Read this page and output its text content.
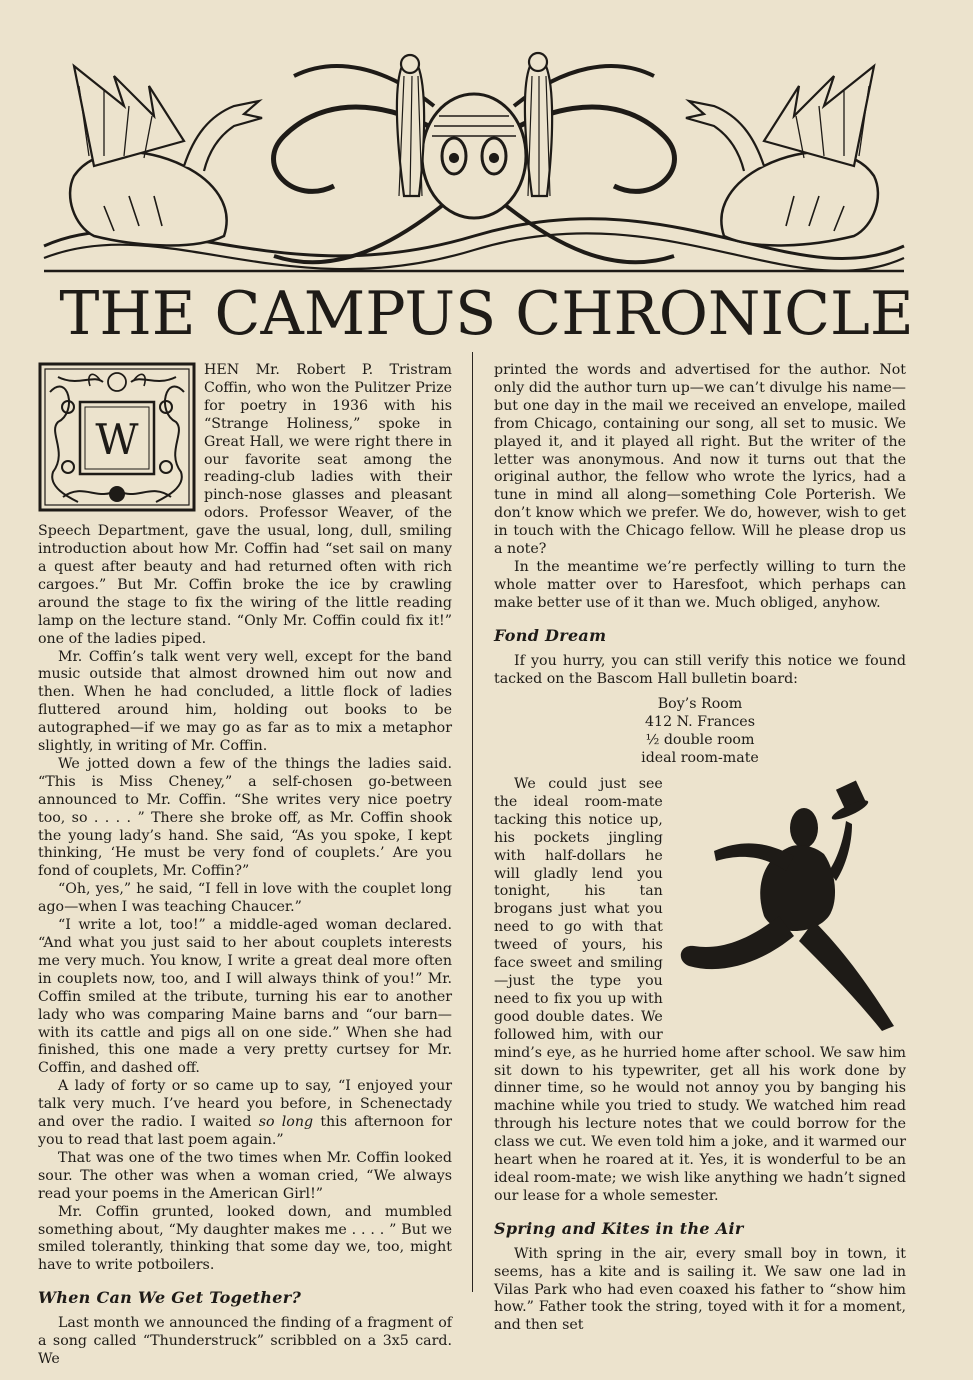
THE CAMPUS CHRONICLE
W

HEN Mr. Robert P. Tristram Coffin, who won the Pulitzer Prize for poetry in 1936 with his “Strange Holiness,” spoke in Great Hall, we were right there in our favorite seat among the reading-club ladies with their pinch-nose glasses and pleasant odors. Professor Weaver, of the Speech Department, gave the usual, long, dull, smiling introduction about how Mr. Coffin had “set sail on many a quest after beauty and had returned often with rich cargoes.” But Mr. Coffin broke the ice by crawling around the stage to fix the wiring of the little reading lamp on the lecture stand. “Only Mr. Coffin could fix it!” one of the ladies piped.

Mr. Coffin’s talk went very well, except for the band music outside that almost drowned him out now and then. When he had concluded, a little flock of ladies fluttered around him, holding out books to be autographed—if we may go as far as to mix a metaphor slightly, in writing of Mr. Coffin.

We jotted down a few of the things the ladies said. “This is Miss Cheney,” a self-chosen go-between announced to Mr. Coffin. “She writes very nice poetry too, so . . . . ” There she broke off, as Mr. Coffin shook the young lady’s hand. She said, “As you spoke, I kept thinking, ‘He must be very fond of couplets.’ Are you fond of couplets, Mr. Coffin?”

“Oh, yes,” he said, “I fell in love with the couplet long ago—when I was teaching Chaucer.”

“I write a lot, too!” a middle-aged woman declared. “And what you just said to her about couplets interests me very much. You know, I write a great deal more often in couplets now, too, and I will always think of you!” Mr. Coffin smiled at the tribute, turning his ear to another lady who was comparing Maine barns and “our barn—with its cattle and pigs all on one side.” When she had finished, this one made a very pretty curtsey for Mr. Coffin, and dashed off.

A lady of forty or so came up to say, “I enjoyed your talk very much. I’ve heard you before, in Schenectady and over the radio. I waited so long this afternoon for you to read that last poem again.”

That was one of the two times when Mr. Coffin looked sour. The other was when a woman cried, “We always read your poems in the American Girl!”

Mr. Coffin grunted, looked down, and mumbled something about, “My daughter makes me . . . . ” But we smiled tolerantly, thinking that some day we, too, might have to write potboilers.

When Can We Get Together?

Last month we announced the finding of a fragment of a song called “Thunderstruck” scribbled on a 3x5 card. We

printed the words and advertised for the author. Not only did the author turn up—we can’t divulge his name—but one day in the mail we received an envelope, mailed from Chicago, containing our song, all set to music. We played it, and it played all right. But the writer of the letter was anonymous. And now it turns out that the original author, the fellow who wrote the lyrics, had a tune in mind all along—something Cole Porterish. We don’t know which we prefer. We do, however, wish to get in touch with the Chicago fellow. Will he please drop us a note?

In the meantime we’re perfectly willing to turn the whole matter over to Haresfoot, which perhaps can make better use of it than we. Much obliged, anyhow.

Fond Dream

If you hurry, you can still verify this notice we found tacked on the Bascom Hall bulletin board:

Boy’s Room
412 N. Frances
½ double room
ideal room-mate

We could just see the ideal room-mate tacking this notice up, his pockets jingling with half-dollars he will gladly lend you tonight, his tan brogans just what you need to go with that tweed of yours, his face sweet and smiling—just the type you need to fix you up with good double dates. We followed him, with our mind’s eye, as he hurried home after school. We saw him sit down to his typewriter, get all his work done by dinner time, so he would not annoy you by banging his machine while you tried to study. We watched him read through his lecture notes that we could borrow for the class we cut. We even told him a joke, and it warmed our heart when he roared at it. Yes, it is wonderful to be an ideal room-mate; we wish like anything we hadn’t signed our lease for a whole semester.

Spring and Kites in the Air

With spring in the air, every small boy in town, it seems, has a kite and is sailing it. We saw one lad in Vilas Park who had even coaxed his father to “show him how.” Father took the string, toyed with it for a moment, and then set
